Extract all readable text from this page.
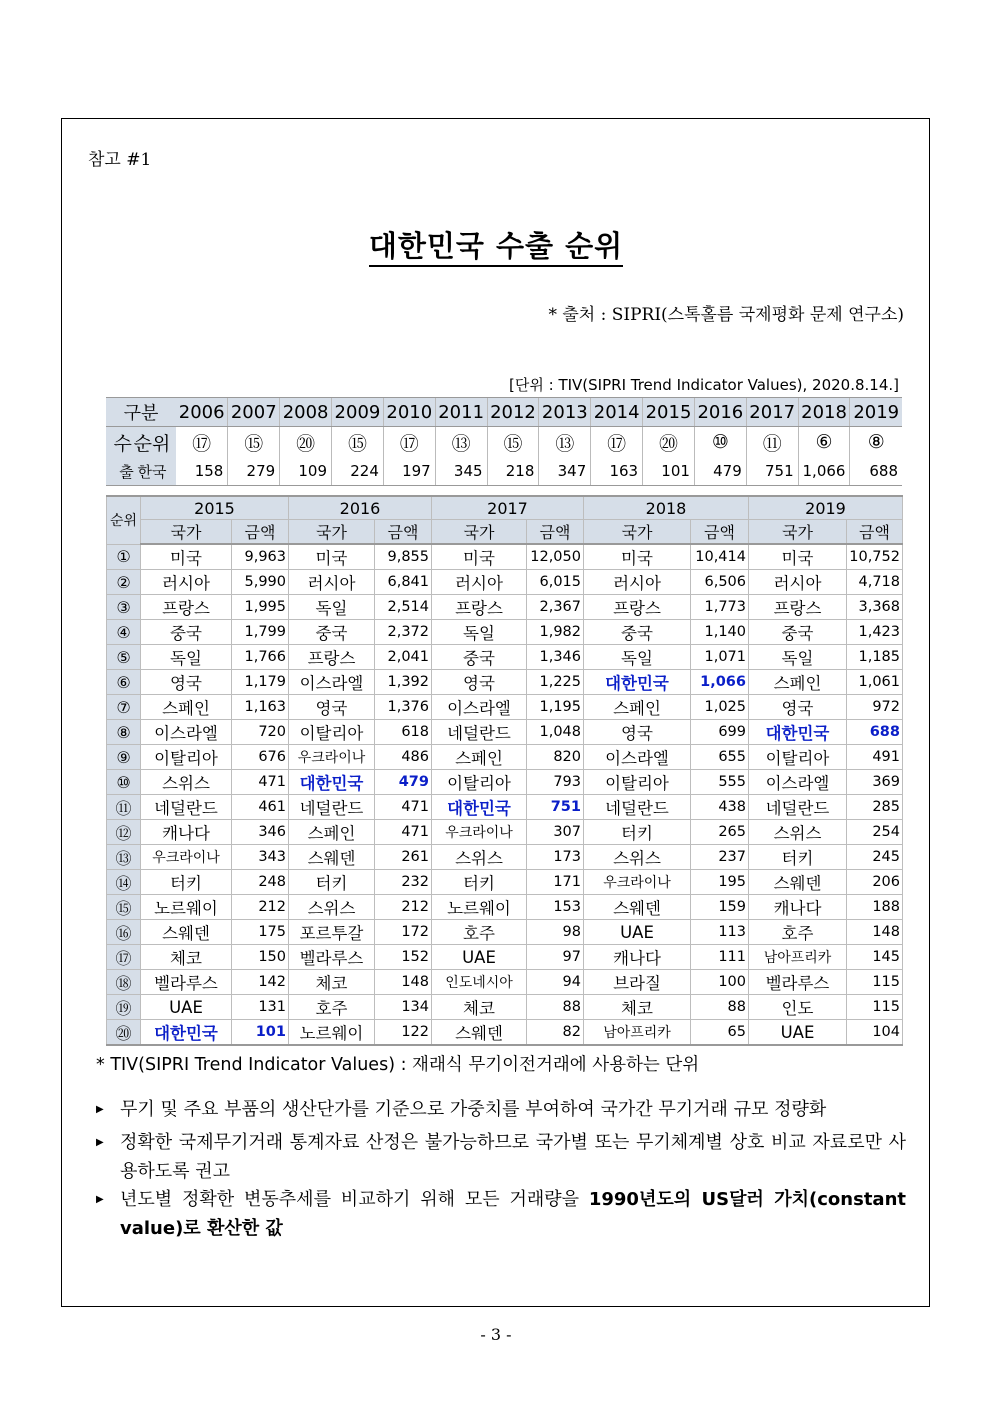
참고 #1
대한민국 수출 순위
* 출처 : SIPRI(스톡홀름 국제평화 문제 연구소)
[단위 : TIV(SIPRI Trend Indicator Values), 2020.8.14.]
구분	2006	2007	2008	2009	2010	2011	2012	2013	2014	2015	2016	2017	2018	2019
수순위	⑰	⑮	⑳	⑮	⑰	⑬	⑮	⑬	⑰	⑳	⑩	⑪	⑥	⑧
출 한국	158	279	109	224	197	345	218	347	163	101	479	751	1,066	688
순위	2015		2016		2017		2018		2019	
	국가	금액	국가	금액	국가	금액	국가	금액	국가	금액
①	미국	9,963	미국	9,855	미국	12,050	미국	10,414	미국	10,752
②	러시아	5,990	러시아	6,841	러시아	6,015	러시아	6,506	러시아	4,718
③	프랑스	1,995	독일	2,514	프랑스	2,367	프랑스	1,773	프랑스	3,368
④	중국	1,799	중국	2,372	독일	1,982	중국	1,140	중국	1,423
⑤	독일	1,766	프랑스	2,041	중국	1,346	독일	1,071	독일	1,185
⑥	영국	1,179	이스라엘	1,392	영국	1,225	대한민국	1,066	스페인	1,061
⑦	스페인	1,163	영국	1,376	이스라엘	1,195	스페인	1,025	영국	972
⑧	이스라엘	720	이탈리아	618	네덜란드	1,048	영국	699	대한민국	688
⑨	이탈리아	676	우크라이나	486	스페인	820	이스라엘	655	이탈리아	491
⑩	스위스	471	대한민국	479	이탈리아	793	이탈리아	555	이스라엘	369
⑪	네덜란드	461	네덜란드	471	대한민국	751	네덜란드	438	네덜란드	285
⑫	캐나다	346	스페인	471	우크라이나	307	터키	265	스위스	254
⑬	우크라이나	343	스웨덴	261	스위스	173	스위스	237	터키	245
⑭	터키	248	터키	232	터키	171	우크라이나	195	스웨덴	206
⑮	노르웨이	212	스위스	212	노르웨이	153	스웨덴	159	캐나다	188
⑯	스웨덴	175	포르투갈	172	호주	98	UAE	113	호주	148
⑰	체코	150	벨라루스	152	UAE	97	캐나다	111	남아프리카	145
⑱	벨라루스	142	체코	148	인도네시아	94	브라질	100	벨라루스	115
⑲	UAE	131	호주	134	체코	88	체코	88	인도	115
⑳	대한민국	101	노르웨이	122	스웨덴	82	남아프리카	65	UAE	104
* TIV(SIPRI Trend Indicator Values) : 재래식 무기이전거래에 사용하는 단위
▶ 무기 및 주요 부품의 생산단가를 기준으로 가중치를 부여하여 국가간 무기거래 규모 정량화
▶ 정확한 국제무기거래 통계자료 산정은 불가능하므로 국가별 또는 무기체계별 상호 비교 자료로만 사용하도록 권고
▶ 년도별 정확한 변동추세를 비교하기 위해 모든 거래량을 1990년도의 US달러 가치(constant value)로 환산한 값
- 3 -
